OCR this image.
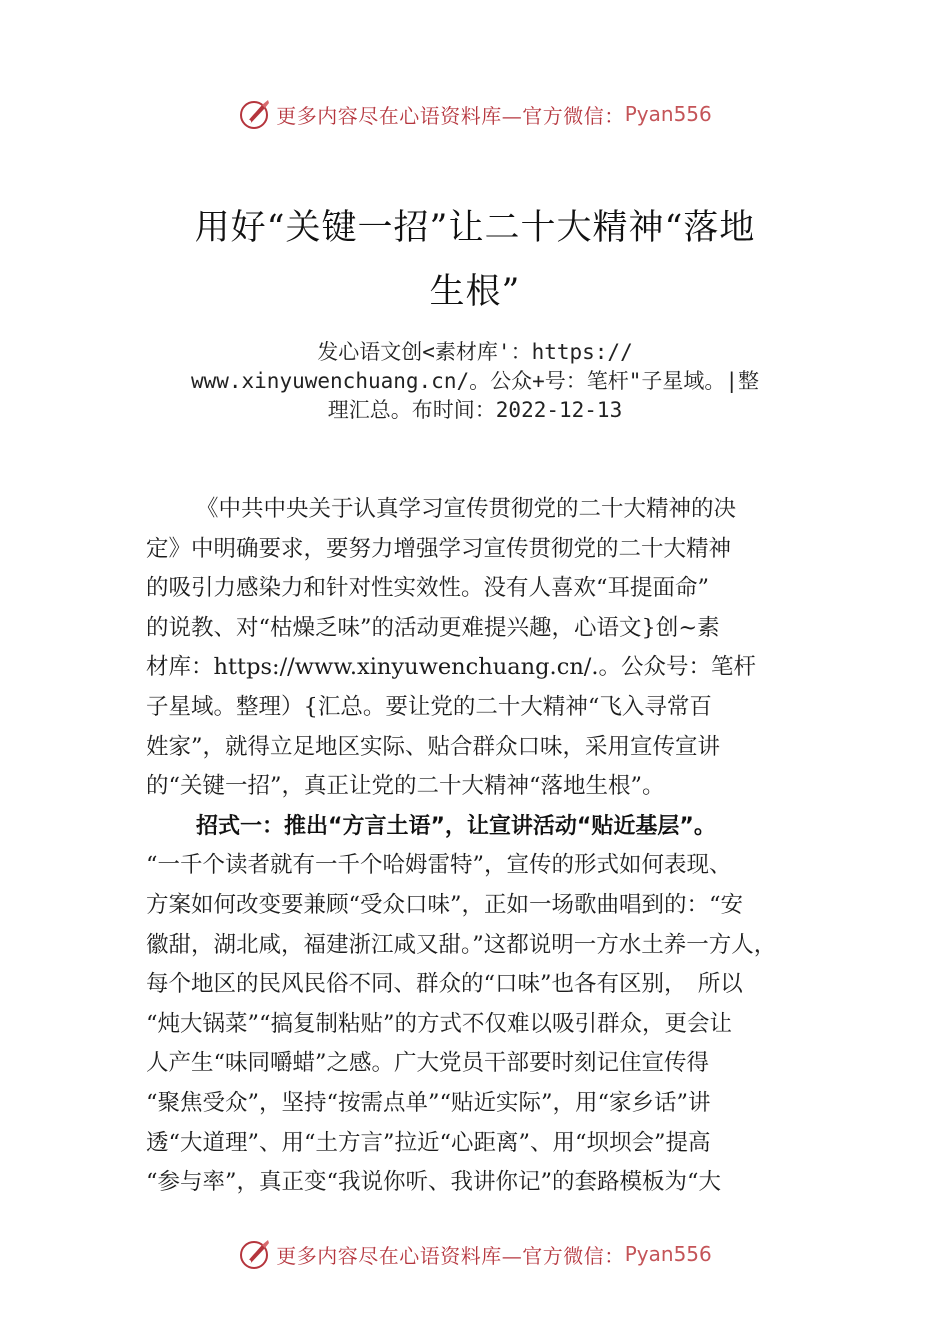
更多内容尽在心语资料库—官方微信： Pyan556
用好“关键一招”让二十大精神“落地
生根”
发心语文创<素材库'：https://
www.xinyuwenchuang.cn/。公众+号：笔杆"子星域。|整
理汇总。布时间：2022-12-13
《中共中央关于认真学习宣传贯彻党的二十大精神的决
定》中明确要求，要努力增强学习宣传贯彻党的二十大精神
的吸引力感染力和针对性实效性。没有人喜欢“耳提面命”
的说教、对“枯燥乏味”的活动更难提兴趣，心语文}创~素
材库：https://www.xinyuwenchuang.cn/.。公众号：笔杆
子星域。整理）{汇总。要让党的二十大精神“飞入寻常百
姓家”，就得立足地区实际、贴合群众口味，采用宣传宣讲
的“关键一招”，真正让党的二十大精神“落地生根”。
招式一：推出“方言土语”，让宣讲活动“贴近基层”。
“一千个读者就有一千个哈姆雷特”，宣传的形式如何表现、
方案如何改变要兼顾“受众口味”，正如一场歌曲唱到的：“安
徽甜，湖北咸，福建浙江咸又甜。”这都说明一方水土养一方人，
每个地区的民风民俗不同、群众的“口味”也各有区别，　所以
“炖大锅菜”“搞复制粘贴”的方式不仅难以吸引群众，更会让
人产生“味同嚼蜡”之感。广大党员干部要时刻记住宣传得
“聚焦受众”，坚持“按需点单”“贴近实际”，用“家乡话”讲
透“大道理”、用“土方言”拉近“心距离”、用“坝坝会”提高
“参与率”，真正变“我说你听、我讲你记”的套路模板为“大
更多内容尽在心语资料库—官方微信： Pyan556
